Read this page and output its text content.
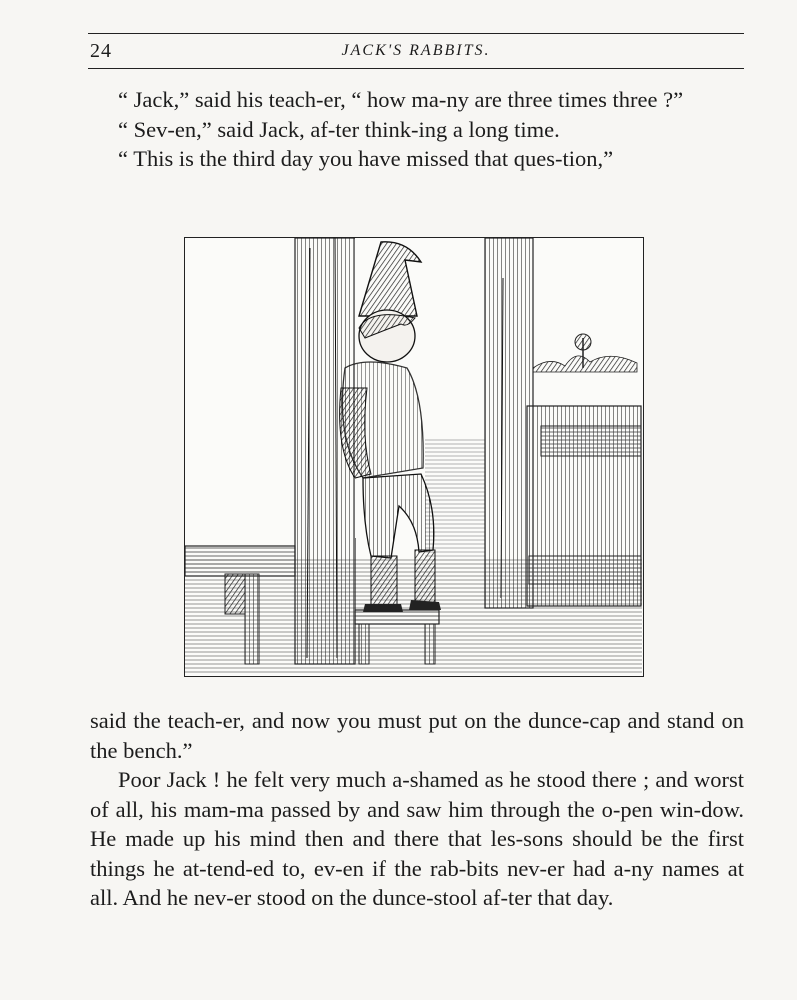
24	JACK'S RABBITS.

“ Jack,” said his teach-er, “ how ma-ny are three times three ?”

“ Sev-en,” said Jack, af-ter think-ing a long time.

“ This is the third day you have missed that ques-tion,”

said the teach-er, and now you must put on the dunce-cap and stand on the bench.”

Poor Jack ! he felt very much a-shamed as he stood there ; and worst of all, his mam-ma passed by and saw him through the o-pen win-dow. He made up his mind then and there that les-sons should be the first things he at-tend-ed to, ev-en if the rab-bits nev-er had a-ny names at all. And he nev-er stood on the dunce-stool af-ter that day.
